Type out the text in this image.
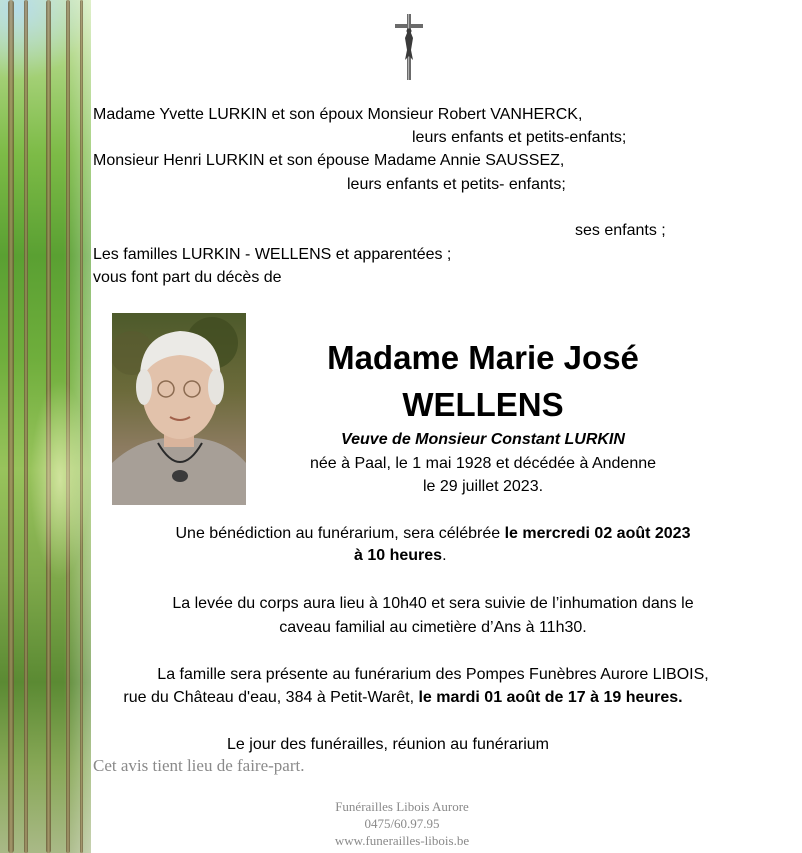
Madame Yvette LURKIN et son époux Monsieur Robert VANHERCK,
leurs enfants et petits-enfants;
Monsieur Henri LURKIN et son épouse Madame Annie SAUSSEZ,
leurs enfants et petits- enfants;
ses enfants ;
Les familles LURKIN - WELLENS et apparentées ;
vous font part du décès de
Madame Marie José
WELLENS
Veuve de Monsieur Constant LURKIN
née à Paal, le 1 mai 1928 et décédée à Andenne
le 29 juillet 2023.
Une bénédiction au funérarium, sera célébrée le mercredi 02 août 2023
à 10 heures.
La levée du corps aura lieu à 10h40 et sera suivie de l’inhumation dans le
caveau familial au cimetière d’Ans à 11h30.
La famille sera présente au funérarium des Pompes Funèbres Aurore LIBOIS,
rue du Château d'eau, 384 à Petit-Warêt, le mardi 01 août de 17 à 19 heures.
Le jour des funérailles, réunion au funérarium
Cet avis tient lieu de faire-part.
Funérailles Libois Aurore
0475/60.97.95
www.funerailles-libois.be
